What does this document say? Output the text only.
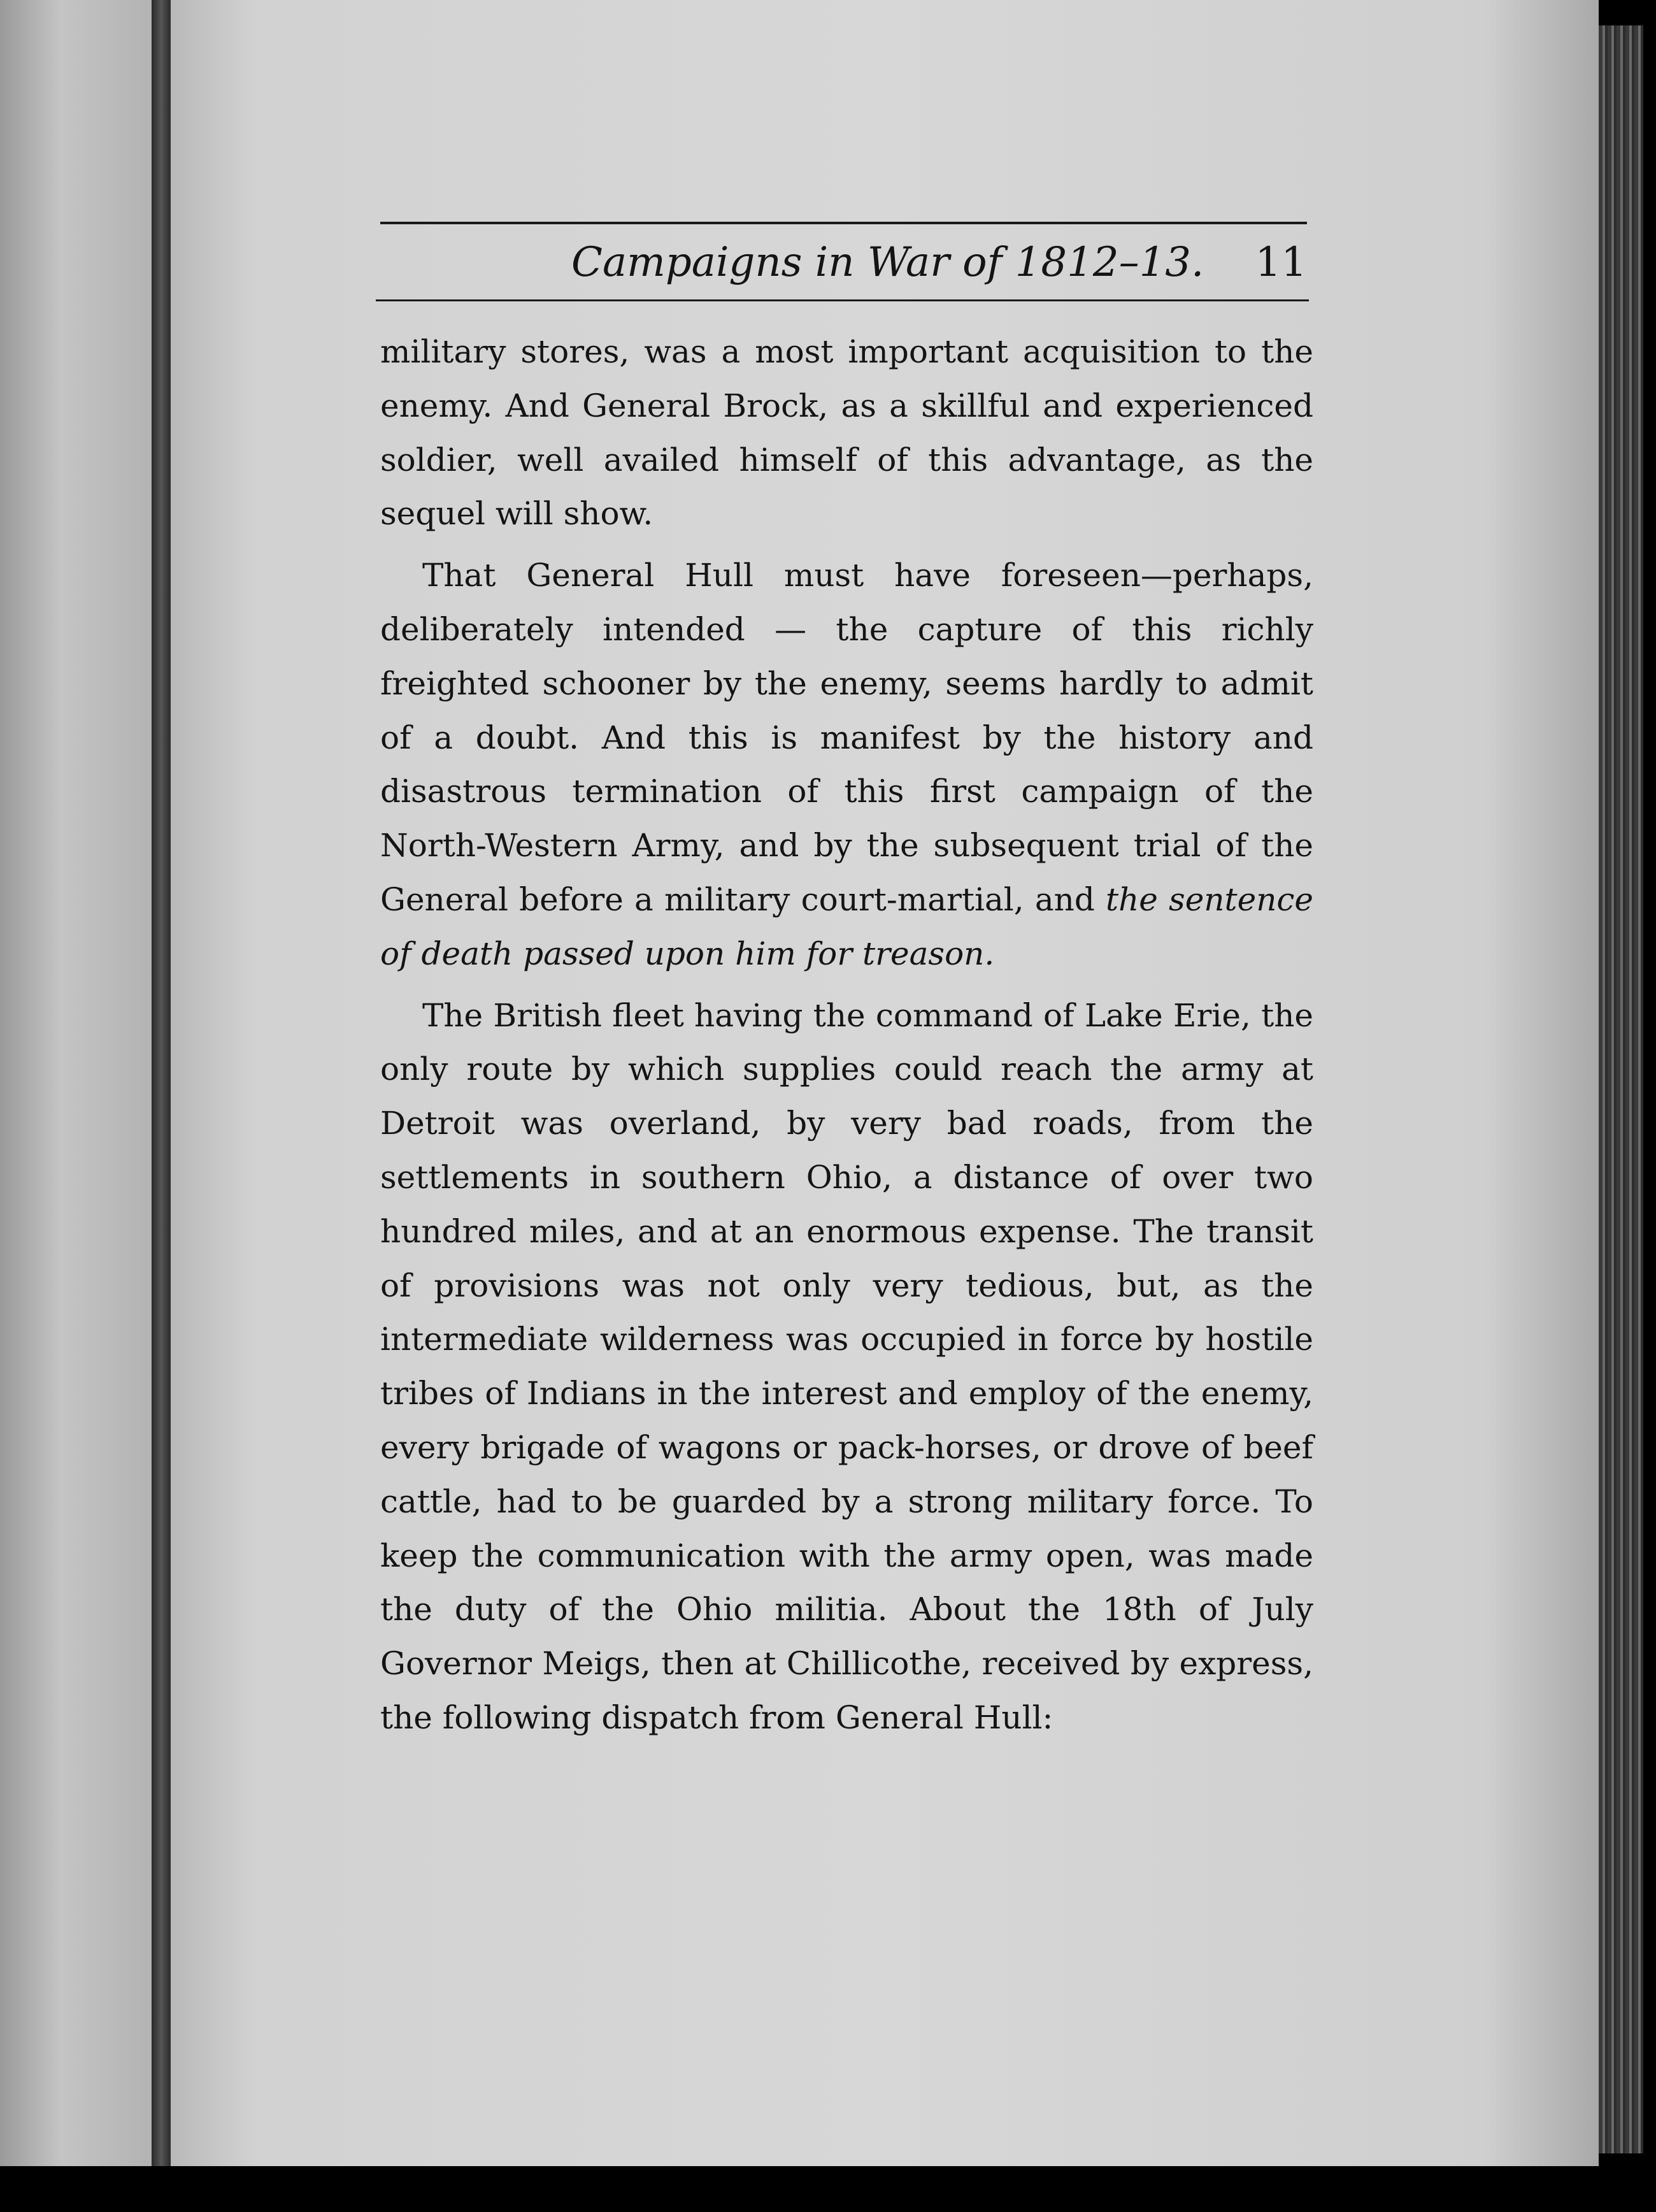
Campaigns in War of 1812–13. 11

military stores, was a most important acquisition to the enemy. And General Brock, as a skillful and experienced soldier, well availed himself of this advantage, as the sequel will show.

That General Hull must have foreseen—perhaps, deliberately intended — the capture of this richly freighted schooner by the enemy, seems hardly to admit of a doubt. And this is manifest by the history and disastrous termination of this first campaign of the North-Western Army, and by the subsequent trial of the General before a military court-martial, and the sentence of death passed upon him for treason.

The British fleet having the command of Lake Erie, the only route by which supplies could reach the army at Detroit was overland, by very bad roads, from the settlements in southern Ohio, a distance of over two hundred miles, and at an enormous expense. The transit of provisions was not only very tedious, but, as the intermediate wilderness was occupied in force by hostile tribes of Indians in the interest and employ of the enemy, every brigade of wagons or pack-horses, or drove of beef cattle, had to be guarded by a strong military force. To keep the communication with the army open, was made the duty of the Ohio militia. About the 18th of July Governor Meigs, then at Chillicothe, received by express, the following dispatch from General Hull:
